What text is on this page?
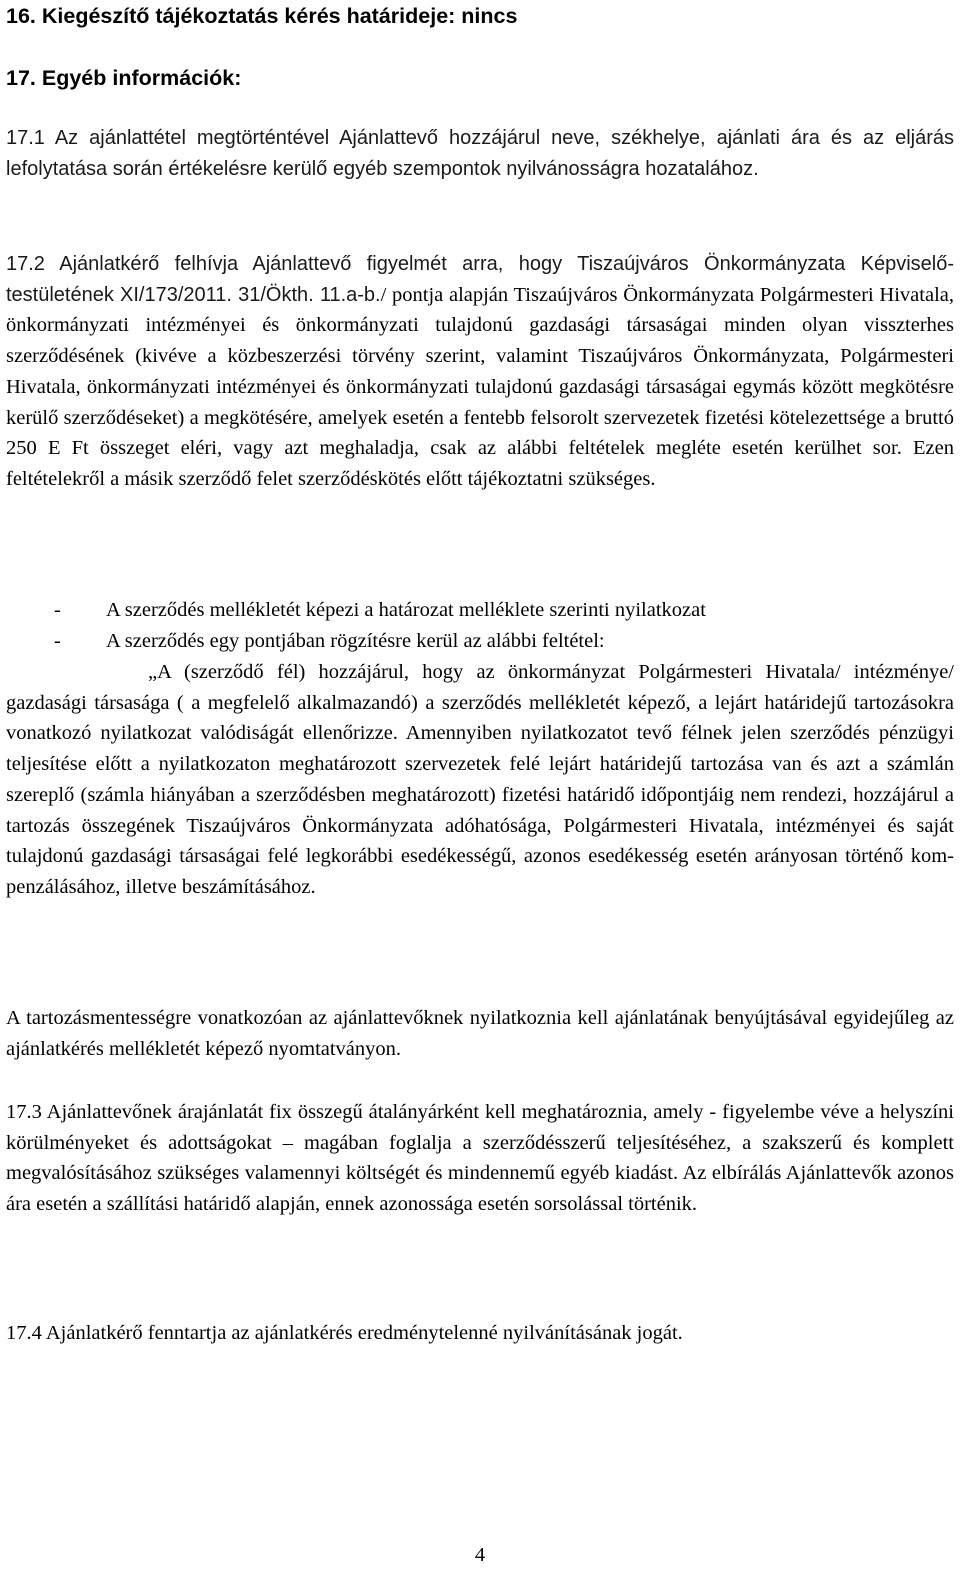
16. Kiegészítő tájékoztatás kérés határideje: nincs
17. Egyéb információk:
17.1 Az ajánlattétel megtörténtével Ajánlattevő hozzájárul neve, székhelye, ajánlati ára és az eljárás lefolytatása során értékelésre kerülő egyéb szempontok nyilvánosságra hozatalához.
17.2 Ajánlatkérő felhívja Ajánlattevő figyelmét arra, hogy Tiszaújváros Önkormányzata Képviselő-testületének XI/173/2011. 31/Ökth. 11.a-b./ pontja alapján Tiszaújváros Önkormányzata Polgármesteri Hivatala, önkormányzati intézményei és önkormányzati tulajdonú gazdasági társaságai minden olyan visszterhes szerződésének (kivéve a közbeszerzési törvény szerint, valamint Tiszaújváros Önkormányzata, Polgármesteri Hivatala, önkormányzati intézményei és önkormányzati tulajdonú gazdasági társaságai egymás között megkötésre kerülő szerződéseket) a megkötésére, amelyek esetén a fentebb felsorolt szervezetek fizetési kötelezettsége a bruttó 250 E Ft összeget eléri, vagy azt meghaladja, csak az alábbi feltételek megléte esetén kerülhet sor. Ezen feltételekről a másik szerződő felet szerződéskötés előtt tájékoztatni szükséges.
- A szerződés mellékletét képezi a határozat melléklete szerinti nyilatkozat
- A szerződés egy pontjában rögzítésre kerül az alábbi feltétel:
„A (szerződő fél) hozzájárul, hogy az önkormányzat Polgármesteri Hivatala/ intézménye/ gazdasági társasága ( a megfelelő alkalmazandó) a szerződés mellékletét képező, a lejárt határidejű tartozásokra vonatkozó nyilatkozat valódiságát ellenőrizze. Amennyiben nyilatkozatot tevő félnek jelen szerződés pénzügyi teljesítése előtt a nyilatkozaton meghatározott szervezetek felé lejárt határidejű tartozása van és azt a számlán szereplő (számla hiányában a szerződésben meghatározott) fizetési határidő időpontjáig nem rendezi, hozzájárul a tartozás összegének Tiszaújváros Önkormányzata adóhatósága, Polgármesteri Hivatala, intézményei és saját tulajdonú gazdasági társaságai felé legkorábbi esedékességű, azonos esedékesség esetén arányosan történő kompenzálásához, illetve beszámításához.
A tartozásmentességre vonatkozóan az ajánlattevőknek nyilatkoznia kell ajánlatának benyújtásával egyidejűleg az ajánlatkérés mellékletét képező nyomtatványon.
17.3 Ajánlattevőnek árajánlatát fix összegű átalányárként kell meghatároznia, amely - figyelembe véve a helyszíni körülményeket és adottságokat – magában foglalja a szerződésszerű teljesítéséhez, a szakszerű és komplett megvalósításához szükséges valamennyi költségét és mindennemű egyéb kiadást. Az elbírálás Ajánlattevők azonos ára esetén a szállítási határidő alapján, ennek azonossága esetén sorsolással történik.
17.4 Ajánlatkérő fenntartja az ajánlatkérés eredménytelenné nyilvánításának jogát.
4
